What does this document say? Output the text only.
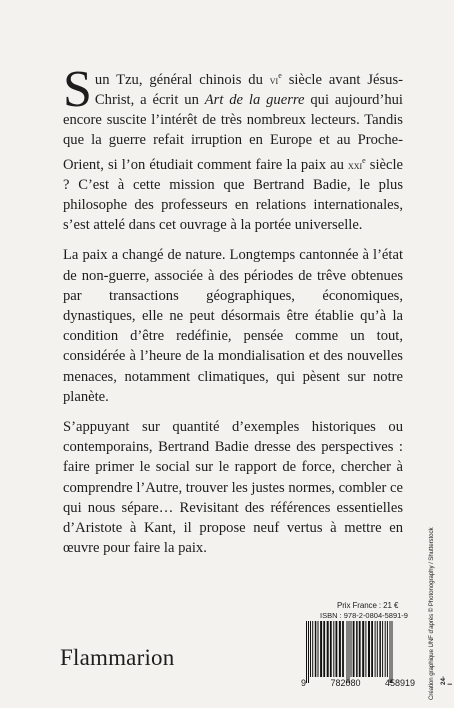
Sun Tzu, général chinois du $vi^e$ siècle avant Jésus-Christ, a écrit un Art de la guerre qui aujourd’hui encore suscite l’intérêt de très nombreux lecteurs. Tandis que la guerre refait irruption en Europe et au Proche-Orient, si l’on étudiait comment faire la paix au xxi$^e$ siècle ? C’est à cette mission que Bertrand Badie, le plus philosophe des professeurs en relations internationales, s’est attelé dans cet ouvrage à la portée universelle.

La paix a changé de nature. Longtemps cantonnée à l’état de non-guerre, associée à des périodes de trêve obtenues par transactions géographiques, économiques, dynastiques, elle ne peut désormais être établie qu’à la condition d’être redéfinie, pensée comme un tout, considérée à l’heure de la mondialisation et des nouvelles menaces, notamment climatiques, qui pèsent sur notre planète.

S’appuyant sur quantité d’exemples historiques ou contemporains, Bertrand Badie dresse des perspectives : faire primer le social sur le rapport de force, chercher à comprendre l’Autre, trouver les justes normes, combler ce qui nous sépare… Revisitant des références essentielles d’Aristote à Kant, il propose neuf vertus à mettre en œuvre pour faire la paix.

Prix France : 21 €
ISBN : 978-2-0804-5891-9
9	782080	458919
Flammarion	Création graphique UNF d’après © Photonography / Shutterstock 24-I
